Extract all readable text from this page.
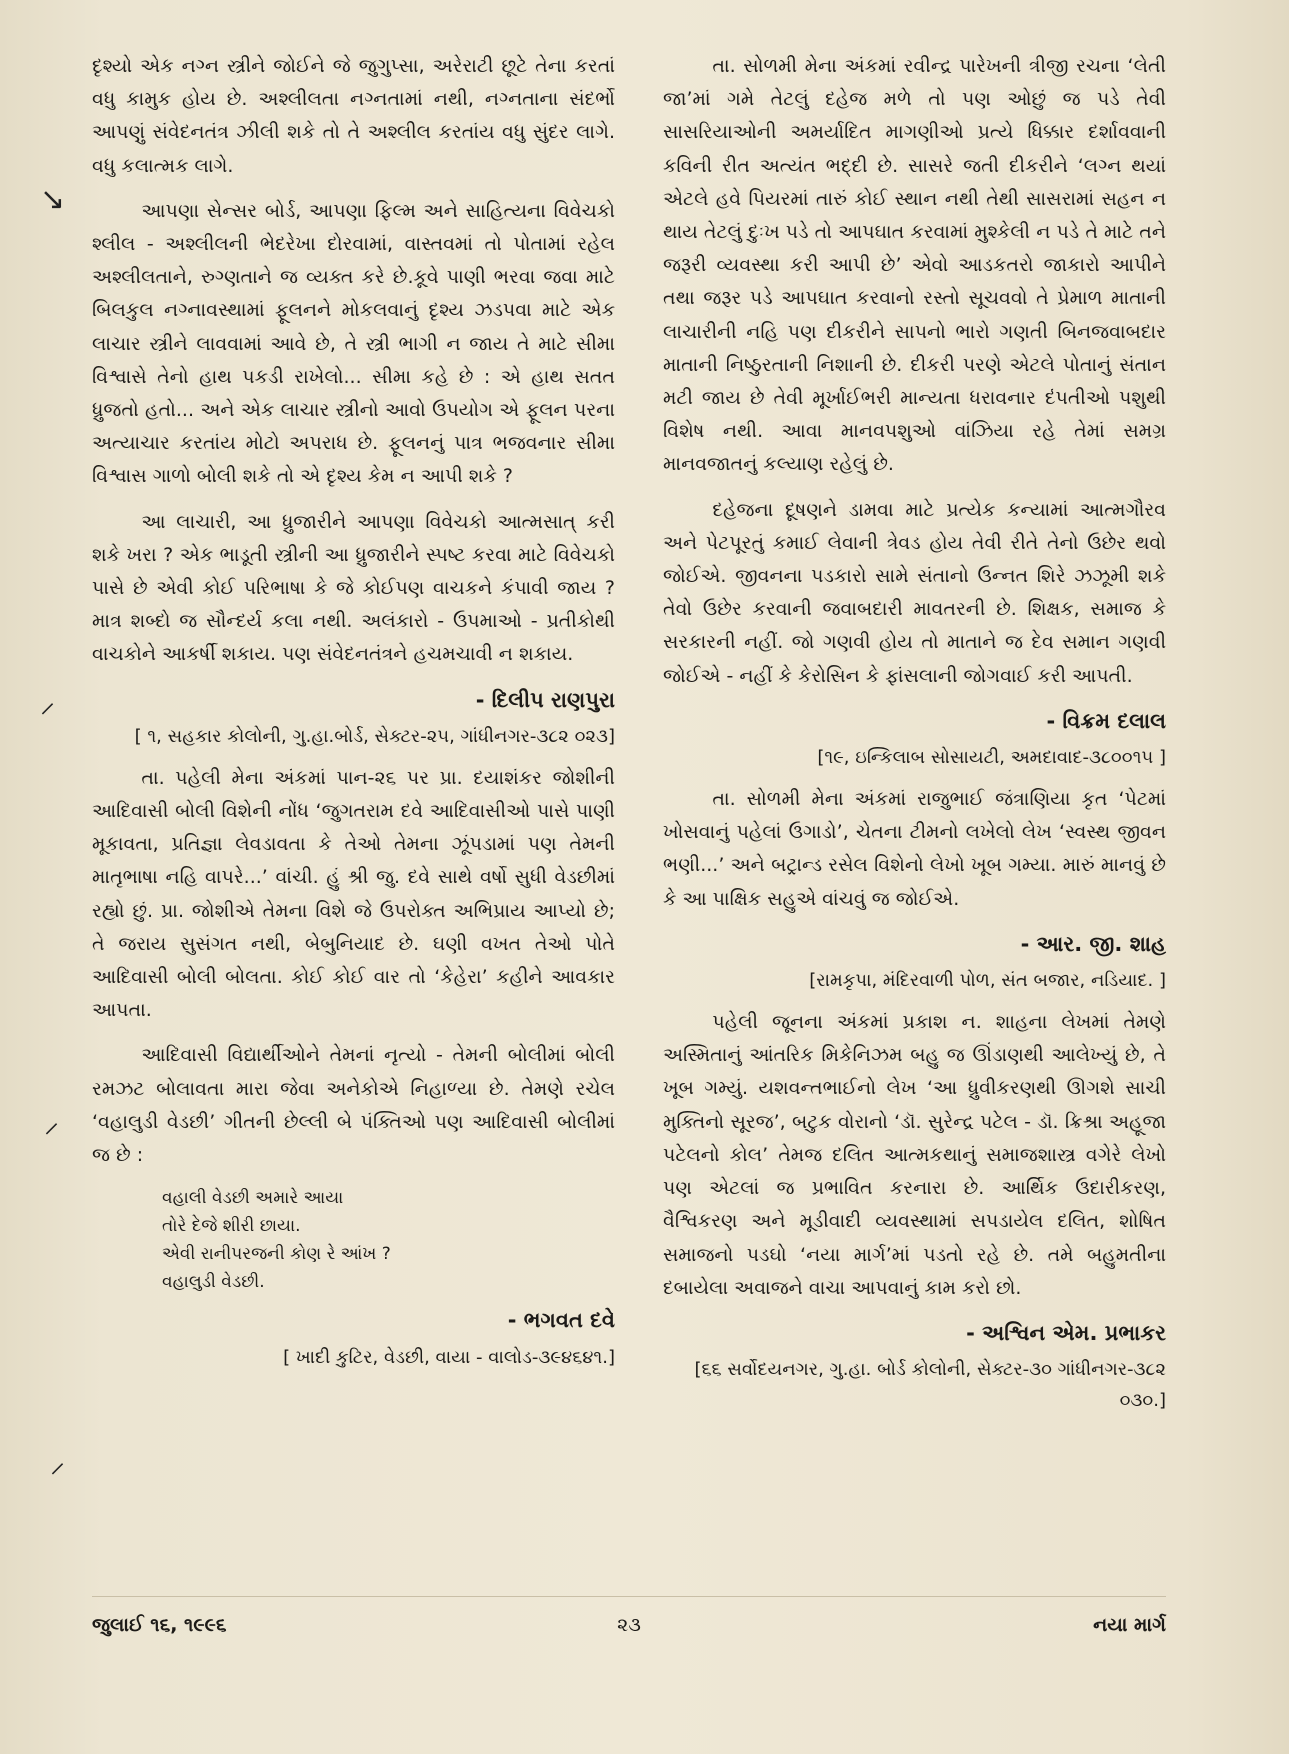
↘
⸝
⸝
⸝

દૃશ્યો એક નગ્ન સ્ત્રીને જોઈને જે જુગુપ્સા, અરેરાટી છૂટે તેના કરતાં વધુ કામુક હોય છે. અશ્લીલતા નગ્નતામાં નથી, નગ્નતાના સંદર્ભો આપણું સંવેદનતંત્ર ઝીલી શકે તો તે અશ્લીલ કરતાંય વધુ સુંદર લાગે. વધુ કલાત્મક લાગે.

આપણા સેન્સર બોર્ડ, આપણા ફિલ્મ અને સાહિત્યના વિવેચકો શ્લીલ - અશ્લીલની ભેદરેખા દોરવામાં, વાસ્તવમાં તો પોતામાં રહેલ અશ્લીલતાને, રુગ્ણતાને જ વ્યક્ત કરે છે.કૂવે પાણી ભરવા જવા માટે બિલકુલ નગ્નાવસ્થામાં ફૂલનને મોકલવાનું દૃશ્ય ઝડપવા માટે એક લાચાર સ્ત્રીને લાવવામાં આવે છે, તે સ્ત્રી ભાગી ન જાય તે માટે સીમા વિશ્વાસે તેનો હાથ પકડી રાખેલો... સીમા કહે છે : એ હાથ સતત ધ્રુજતો હતો... અને એક લાચાર સ્ત્રીનો આવો ઉપયોગ એ ફૂલન પરના અત્યાચાર કરતાંય મોટો અપરાધ છે. ફૂલનનું પાત્ર ભજવનાર સીમા વિશ્વાસ ગાળો બોલી શકે તો એ દૃશ્ય કેમ ન આપી શકે ?

આ લાચારી, આ ધ્રુજારીને આપણા વિવેચકો આત્મસાત્ કરી શકે ખરા ? એક ભાડૂતી સ્ત્રીની આ ધ્રુજારીને સ્પષ્ટ કરવા માટે વિવેચકો પાસે છે એવી કોઈ પરિભાષા કે જે કોઈપણ વાચકને કંપાવી જાય ? માત્ર શબ્દો જ સૌન્દર્ય કલા નથી. અલંકારો - ઉપમાઓ - પ્રતીકોથી વાચકોને આકર્ષી શકાય. પણ સંવેદનતંત્રને હચમચાવી ન શકાય.

- દિલીપ રાણપુરા
[ ૧, સહકાર કોલોની, ગુ.હા.બોર્ડ, સેક્ટર-૨૫, ગાંધીનગર-૩૮૨ ૦૨૩]

તા. પહેલી મેના અંકમાં પાન-૨૬ પર પ્રા. દયાશંકર જોશીની આદિવાસી બોલી વિશેની નોંધ ‘જુગતરામ દવે આદિવાસીઓ પાસે પાણી મૂકાવતા, પ્રતિજ્ઞા લેવડાવતા કે તેઓ તેમના ઝૂંપડામાં પણ તેમની માતૃભાષા નહિ વાપરે...’ વાંચી. હું શ્રી જુ. દવે સાથે વર્ષો સુધી વેડછીમાં રહ્યો છું. પ્રા. જોશીએ તેમના વિશે જે ઉપરોક્ત અભિપ્રાય આપ્યો છે; તે જરાય સુસંગત નથી, બેબુનિયાદ છે. ઘણી વખત તેઓ પોતે આદિવાસી બોલી બોલતા. કોઈ કોઈ વાર તો ‘કેહેરા’ કહીને આવકાર આપતા.

આદિવાસી વિદ્યાર્થીઓને તેમનાં નૃત્યો - તેમની બોલીમાં બોલી રમઝટ બોલાવતા મારા જેવા અનેકોએ નિહાળ્યા છે. તેમણે રચેલ ‘વહાલુડી વેડછી’ ગીતની છેલ્લી બે પંક્તિઓ પણ આદિવાસી બોલીમાં જ છે :

વહાલી વેડછી અમારે આયા
તોરે દેજે શીરી છાયા.
એવી રાનીપરજની કોણ રે આંખ ?
વહાલુડી વેડછી.
- ભગવત દવે
[ ખાદી કુટિર, વેડછી, વાયા - વાલોડ-૩૯૪૬૪૧.]

તા. સોળમી મેના અંકમાં રવીન્દ્ર પારેખની ત્રીજી રચના ‘લેતી જા’માં ગમે તેટલું દહેજ મળે તો પણ ઓછું જ પડે તેવી સાસરિયાઓની અમર્યાદિત માગણીઓ પ્રત્યે ધિક્કાર દર્શાવવાની કવિની રીત અત્યંત ભદ્દી છે. સાસરે જતી દીકરીને ‘લગ્ન થયાં એટલે હવે પિયરમાં તારું કોઈ સ્થાન નથી તેથી સાસરામાં સહન ન થાય તેટલું દુઃખ પડે તો આપઘાત કરવામાં મુશ્કેલી ન પડે તે માટે તને જરૂરી વ્યવસ્થા કરી આપી છે’ એવો આડકતરો જાકારો આપીને તથા જરૂર પડે આપઘાત કરવાનો રસ્તો સૂચવવો તે પ્રેમાળ માતાની લાચારીની નહિ પણ દીકરીને સાપનો ભારો ગણતી બિનજવાબદાર માતાની નિષ્ઠુરતાની નિશાની છે. દીકરી પરણે એટલે પોતાનું સંતાન મટી જાય છે તેવી મૂર્ખાઈભરી માન્યતા ધરાવનાર દંપતીઓ પશુથી વિશેષ નથી. આવા માનવપશુઓ વાંઝિયા રહે તેમાં સમગ્ર માનવજાતનું કલ્યાણ રહેલું છે.

દહેજના દૂષણને ડામવા માટે પ્રત્યેક કન્યામાં આત્મગૌરવ અને પેટપૂરતું કમાઈ લેવાની ત્રેવડ હોય તેવી રીતે તેનો ઉછેર થવો જોઈએ. જીવનના પડકારો સામે સંતાનો ઉન્નત શિરે ઝઝૂમી શકે તેવો ઉછેર કરવાની જવાબદારી માવતરની છે. શિક્ષક, સમાજ કે સરકારની નહીં. જો ગણવી હોય તો માતાને જ દેવ સમાન ગણવી જોઈએ - નહીં કે કેરોસિન કે ફાંસલાની જોગવાઈ કરી આપતી.

- વિક્રમ દલાલ
[૧૯, ઇન્કિલાબ સોસાયટી, અમદાવાદ-૩૮૦૦૧૫ ]

તા. સોળમી મેના અંકમાં રાજુભાઈ જંત્રાણિયા કૃત ‘પેટમાં ખોસવાનું પહેલાં ઉગાડો’, ચેતના ટીમનો લખેલો લેખ ‘સ્વસ્થ જીવન ભણી...’ અને બટ્રાન્ડ રસેલ વિશેનો લેખો ખૂબ ગમ્યા. મારું માનવું છે કે આ પાક્ષિક સહુએ વાંચવું જ જોઈએ.

- આર. જી. શાહ
[રામકૃપા, મંદિરવાળી પોળ, સંત બજાર, નડિયાદ. ]

પહેલી જૂનના અંકમાં પ્રકાશ ન. શાહના લેખમાં તેમણે અસ્મિતાનું આંતરિક મિકેનિઝમ બહુ જ ઊંડાણથી આલેખ્યું છે, તે ખૂબ ગમ્યું. યશવન્તભાઈનો લેખ ‘આ ધ્રુવીકરણથી ઊગશે સાચી મુક્તિનો સૂરજ’, બટુક વોરાનો ‘ડૉ. સુરેન્દ્ર પટેલ - ડૉ. ક્રિશ્રા અહૂજા પટેલનો કોલ’ તેમજ દલિત આત્મકથાનું સમાજશાસ્ત્ર વગેરે લેખો પણ એટલાં જ પ્રભાવિત કરનારા છે. આર્થિક ઉદારીકરણ, વૈશ્વિકરણ અને મૂડીવાદી વ્યવસ્થામાં સપડાયેલ દલિત, શોષિત સમાજનો પડઘો ‘નયા માર્ગ’માં પડતો રહે છે. તમે બહુમતીના દબાયેલા અવાજને વાચા આપવાનું કામ કરો છો.

- અશ્વિન એમ. પ્રભાકર
[૬૬ સર્વોદયનગર, ગુ.હા. બોર્ડ કોલોની, સેક્ટર-૩૦ ગાંધીનગર-૩૮૨ ૦૩૦.]
જુલાઈ ૧૬, ૧૯૯૬	૨૩	નયા માર્ગ
